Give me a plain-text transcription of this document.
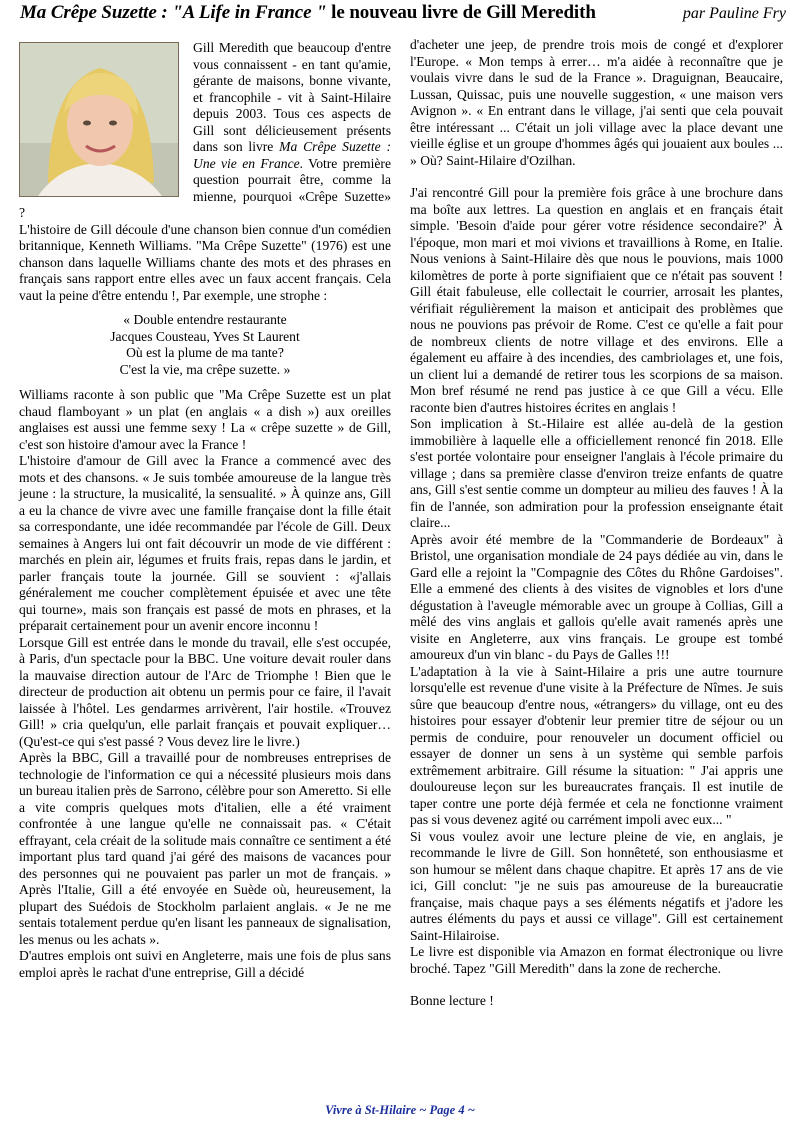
Ma Crêpe Suzette : "A Life in France " le nouveau livre de Gill Meredith	par Pauline Fry

Gill Meredith que beaucoup d'entre vous connaissent - en tant qu'amie, gérante de maisons, bonne vivante, et francophile - vit à Saint-Hilaire depuis 2003. Tous ces aspects de Gill sont délicieusement présents dans son livre Ma Crêpe Suzette : Une vie en France. Votre première question pourrait être, comme la mienne, pourquoi «Crêpe Suzette» ?

L'histoire de Gill découle d'une chanson bien connue d'un comédien britannique, Kenneth Williams. "Ma Crêpe Suzette" (1976) est une chanson dans laquelle Williams chante des mots et des phrases en français sans rapport entre elles avec un faux accent français. Cela vaut la peine d'être entendu !, Par exemple, une strophe :

« Double entendre restaurante
Jacques Cousteau, Yves St Laurent
Où est la plume de ma tante?
C'est la vie, ma crêpe suzette. »

Williams raconte à son public que "Ma Crêpe Suzette est un plat chaud flamboyant » un plat (en anglais « a dish ») aux oreilles anglaises est aussi une femme sexy ! La « crêpe suzette » de Gill, c'est son histoire d'amour avec la France !

L'histoire d'amour de Gill avec la France a commencé avec des mots et des chansons. « Je suis tombée amoureuse de la langue très jeune : la structure, la musicalité, la sensualité. » À quinze ans, Gill a eu la chance de vivre avec une famille française dont la fille était sa correspondante, une idée recommandée par l'école de Gill. Deux semaines à Angers lui ont fait découvrir un mode de vie différent : marchés en plein air, légumes et fruits frais, repas dans le jardin, et parler français toute la journée. Gill se souvient : «j'allais généralement me coucher complètement épuisée et avec une tête qui tourne», mais son français est passé de mots en phrases, et la préparait certainement pour un avenir encore inconnu !

Lorsque Gill est entrée dans le monde du travail, elle s'est occupée, à Paris, d'un spectacle pour la BBC. Une voiture devait rouler dans la mauvaise direction autour de l'Arc de Triomphe ! Bien que le directeur de production ait obtenu un permis pour ce faire, il l'avait laissée à l'hôtel. Les gendarmes arrivèrent, l'air hostile. «Trouvez Gill! » cria quelqu'un, elle parlait français et pouvait expliquer… (Qu'est-ce qui s'est passé ? Vous devez lire le livre.)

Après la BBC, Gill a travaillé pour de nombreuses entreprises de technologie de l'information ce qui a nécessité plusieurs mois dans un bureau italien près de Sarrono, célèbre pour son Ameretto. Si elle a vite compris quelques mots d'italien, elle a été vraiment confrontée à une langue qu'elle ne connaissait pas. « C'était effrayant, cela créait de la solitude mais connaître ce sentiment a été important plus tard quand j'ai géré des maisons de vacances pour des personnes qui ne pouvaient pas parler un mot de français. » Après l'Italie, Gill a été envoyée en Suède où, heureusement, la plupart des Suédois de Stockholm parlaient anglais. « Je ne me sentais totalement perdue qu'en lisant les panneaux de signalisation, les menus ou les achats ».

D'autres emplois ont suivi en Angleterre, mais une fois de plus sans emploi après le rachat d'une entreprise, Gill a décidé

d'acheter une jeep, de prendre trois mois de congé et d'explorer l'Europe. « Mon temps à errer… m'a aidée à reconnaître que je voulais vivre dans le sud de la France ». Draguignan, Beaucaire, Lussan, Quissac, puis une nouvelle suggestion, « une maison vers Avignon ». « En entrant dans le village, j'ai senti que cela pouvait être intéressant ... C'était un joli village avec la place devant une vieille église et un groupe d'hommes âgés qui jouaient aux boules ... » Où? Saint-Hilaire d'Ozilhan.

J'ai rencontré Gill pour la première fois grâce à une brochure dans ma boîte aux lettres. La question en anglais et en français était simple. 'Besoin d'aide pour gérer votre résidence secondaire?' À l'époque, mon mari et moi vivions et travaillions à Rome, en Italie. Nous venions à Saint-Hilaire dès que nous le pouvions, mais 1000 kilomètres de porte à porte signifiaient que ce n'était pas souvent ! Gill était fabuleuse, elle collectait le courrier, arrosait les plantes, vérifiait régulièrement la maison et anticipait des problèmes que nous ne pouvions pas prévoir de Rome. C'est ce qu'elle a fait pour de nombreux clients de notre village et des environs. Elle a également eu affaire à des incendies, des cambriolages et, une fois, un client lui a demandé de retirer tous les scorpions de sa maison. Mon bref résumé ne rend pas justice à ce que Gill a vécu. Elle raconte bien d'autres histoires écrites en anglais !

Son implication à St.-Hilaire est allée au-delà de la gestion immobilière à laquelle elle a officiellement renoncé fin 2018. Elle s'est portée volontaire pour enseigner l'anglais à l'école primaire du village ; dans sa première classe d'environ treize enfants de quatre ans, Gill s'est sentie comme un dompteur au milieu des fauves ! À la fin de l'année, son admiration pour la profession enseignante était claire...

Après avoir été membre de la "Commanderie de Bordeaux" à Bristol, une organisation mondiale de 24 pays dédiée au vin, dans le Gard elle a rejoint la "Compagnie des Côtes du Rhône Gardoises". Elle a emmené des clients à des visites de vignobles et lors d'une dégustation à l'aveugle mémorable avec un groupe à Collias, Gill a mêlé des vins anglais et gallois qu'elle avait ramenés après une visite en Angleterre, aux vins français. Le groupe est tombé amoureux d'un vin blanc - du Pays de Galles !!!

L'adaptation à la vie à Saint-Hilaire a pris une autre tournure lorsqu'elle est revenue d'une visite à la Préfecture de Nîmes. Je suis sûre que beaucoup d'entre nous, «étrangers» du village, ont eu des histoires pour essayer d'obtenir leur premier titre de séjour ou un permis de conduire, pour renouveler un document officiel ou essayer de donner un sens à un système qui semble parfois extrêmement arbitraire. Gill résume la situation: " J'ai appris une douloureuse leçon sur les bureaucrates français. Il est inutile de taper contre une porte déjà fermée et cela ne fonctionne vraiment pas si vous devenez agité ou carrément impoli avec eux... "

Si vous voulez avoir une lecture pleine de vie, en anglais, je recommande le livre de Gill. Son honnêteté, son enthousiasme et son humour se mêlent dans chaque chapitre. Et après 17 ans de vie ici, Gill conclut: "je ne suis pas amoureuse de la bureaucratie française, mais chaque pays a ses éléments négatifs et j'adore les autres éléments du pays et aussi ce village". Gill est certainement Saint-Hilairoise.

Le livre est disponible via Amazon en format électronique ou livre broché. Tapez "Gill Meredith" dans la zone de recherche.

Bonne lecture !

Vivre à St-Hilaire ~ Page 4 ~
